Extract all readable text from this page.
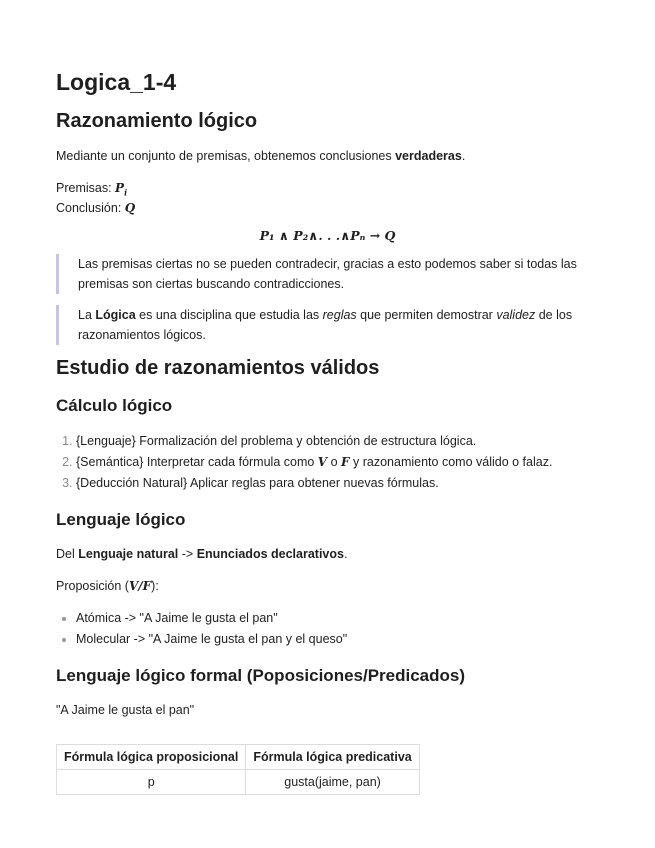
Logica_1-4
Razonamiento lógico

Mediante un conjunto de premisas, obtenemos conclusiones verdaderas.

Premisas: $P_i$

Conclusión: Q

P₁ ∧ P₂∧. . .∧Pₙ → Q
Las premisas ciertas no se pueden contradecir, gracias a esto podemos saber si todas las premisas son ciertas buscando contradicciones.
La Lógica es una disciplina que estudia las reglas que permiten demostrar validez de los razonamientos lógicos.
Estudio de razonamientos válidos
Cálculo lógico
1. {Lenguaje} Formalización del problema y obtención de estructura lógica.
2. {Semántica} Interpretar cada fórmula como V o F y razonamiento como válido o falaz.
3. {Deducción Natural} Aplicar reglas para obtener nuevas fórmulas.
Lenguaje lógico

Del Lenguaje natural -> Enunciados declarativos.

Proposición (V/F):

• Atómica -> "A Jaime le gusta el pan"
• Molecular -> "A Jaime le gusta el pan y el queso"
Lenguaje lógico formal (Poposiciones/Predicados)

"A Jaime le gusta el pan"

Fórmula lógica proposicional	Fórmula lógica predicativa
p	gusta(jaime, pan)
